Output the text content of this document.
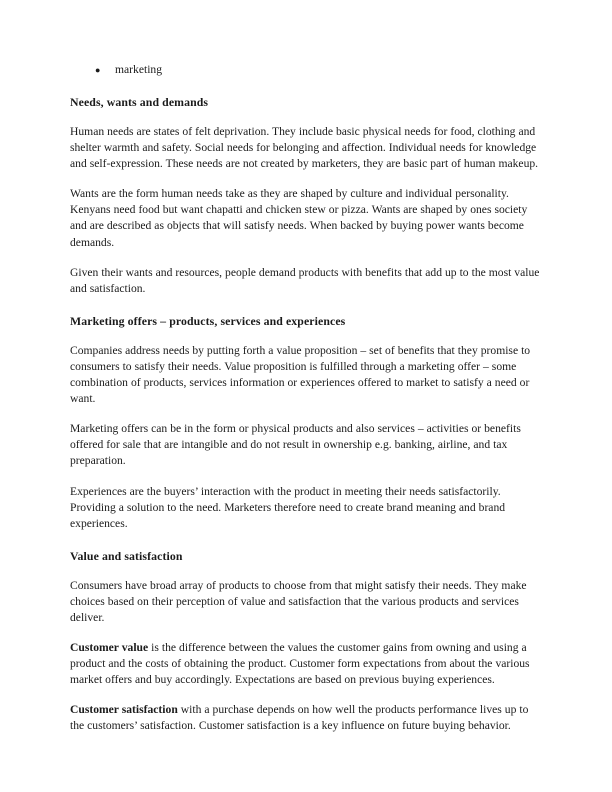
● marketing
Needs, wants and demands

Human needs are states of felt deprivation. They include basic physical needs for food, clothing and shelter warmth and safety. Social needs for belonging and affection. Individual needs for knowledge and self-expression. These needs are not created by marketers, they are basic part of human makeup.

Wants are the form human needs take as they are shaped by culture and individual personality. Kenyans need food but want chapatti and chicken stew or pizza. Wants are shaped by ones society and are described as objects that will satisfy needs. When backed by buying power wants become demands.

Given their wants and resources, people demand products with benefits that add up to the most value and satisfaction.

Marketing offers – products, services and experiences

Companies address needs by putting forth a value proposition – set of benefits that they promise to consumers to satisfy their needs. Value proposition is fulfilled through a marketing offer – some combination of products, services information or experiences offered to market to satisfy a need or want.

Marketing offers can be in the form or physical products and also services – activities or benefits offered for sale that are intangible and do not result in ownership e.g. banking, airline, and tax preparation.

Experiences are the buyers’ interaction with the product in meeting their needs satisfactorily. Providing a solution to the need. Marketers therefore need to create brand meaning and brand experiences.

Value and satisfaction

Consumers have broad array of products to choose from that might satisfy their needs. They make choices based on their perception of value and satisfaction that the various products and services deliver.

Customer value is the difference between the values the customer gains from owning and using a product and the costs of obtaining the product. Customer form expectations from about the various market offers and buy accordingly. Expectations are based on previous buying experiences.

Customer satisfaction with a purchase depends on how well the products performance lives up to the customers’ satisfaction. Customer satisfaction is a key influence on future buying behavior.
